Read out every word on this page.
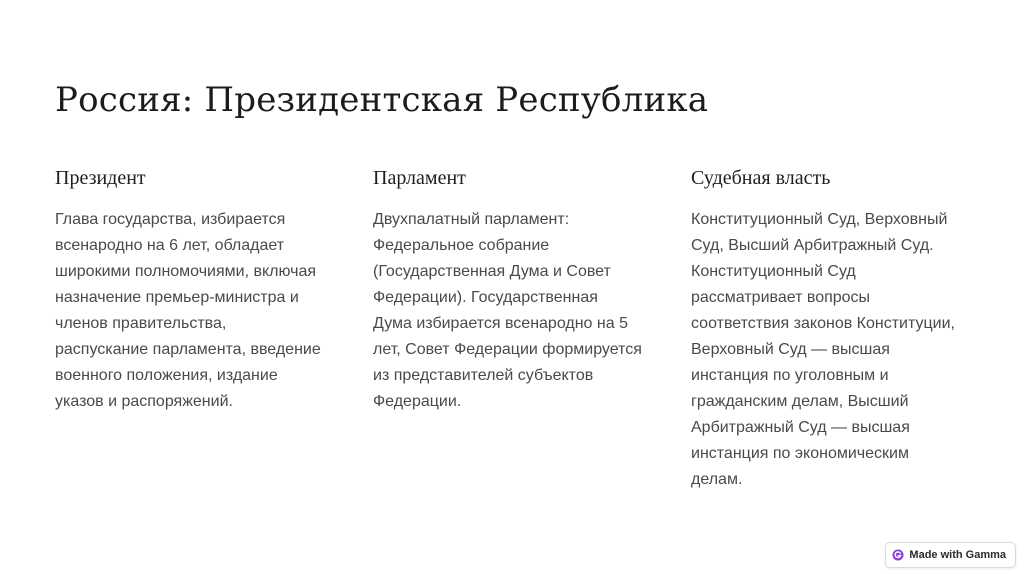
Россия: Президентская Республика
Президент

Глава государства, избирается
всенародно на 6 лет, обладает
широкими полномочиями, включая
назначение премьер-министра и
членов правительства,
распускание парламента, введение
военного положения, издание
указов и распоряжений.

Парламент

Двухпалатный парламент:
Федеральное собрание
(Государственная Дума и Совет
Федерации). Государственная
Дума избирается всенародно на 5
лет, Совет Федерации формируется
из представителей субъектов
Федерации.

Судебная власть

Конституционный Суд, Верховный
Суд, Высший Арбитражный Суд.
Конституционный Суд
рассматривает вопросы
соответствия законов Конституции,
Верховный Суд — высшая
инстанция по уголовным и
гражданским делам, Высший
Арбитражный Суд — высшая
инстанция по экономическим
делам.

Made with Gamma
